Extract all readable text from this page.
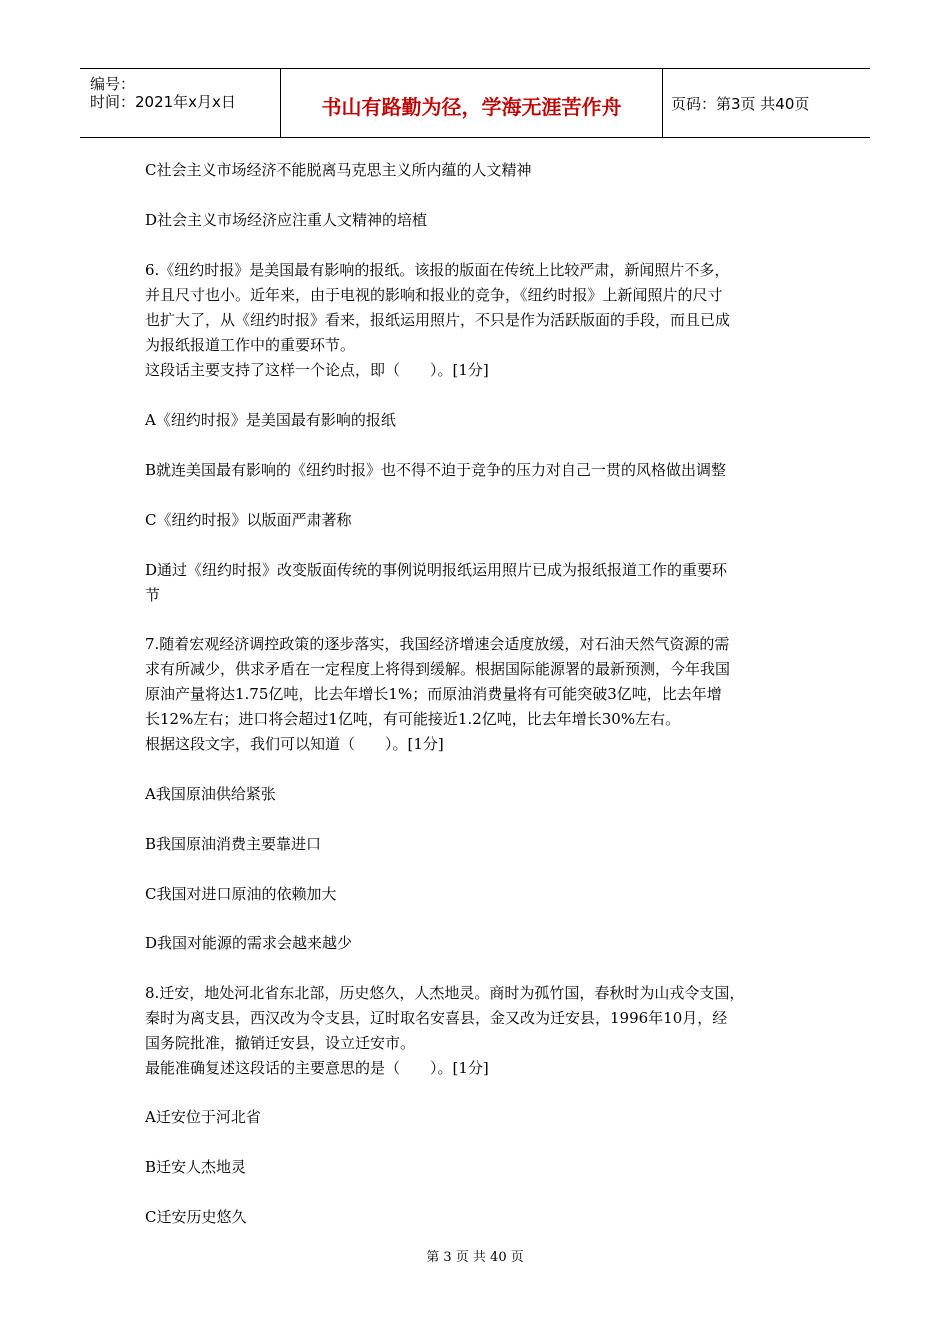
编号：
时间：2021年x月x日	书山有路勤为径，学海无涯苦作舟	页码：第3页 共40页
C社会主义市场经济不能脱离马克思主义所内蕴的人文精神
D社会主义市场经济应注重人文精神的培植
6.《纽约时报》是美国最有影响的报纸。该报的版面在传统上比较严肃，新闻照片不多，
并且尺寸也小。近年来，由于电视的影响和报业的竞争，《纽约时报》上新闻照片的尺寸
也扩大了，从《纽约时报》看来，报纸运用照片，不只是作为活跃版面的手段，而且已成
为报纸报道工作中的重要环节。
这段话主要支持了这样一个论点，即（　　）。[1分]
A《纽约时报》是美国最有影响的报纸
B就连美国最有影响的《纽约时报》也不得不迫于竞争的压力对自己一贯的风格做出调整
C《纽约时报》以版面严肃著称
D通过《纽约时报》改变版面传统的事例说明报纸运用照片已成为报纸报道工作的重要环
节
7.随着宏观经济调控政策的逐步落实，我国经济增速会适度放缓，对石油天然气资源的需
求有所减少，供求矛盾在一定程度上将得到缓解。根据国际能源署的最新预测，今年我国
原油产量将达1.75亿吨，比去年增长1%；而原油消费量将有可能突破3亿吨，比去年增
长12%左右；进口将会超过1亿吨，有可能接近1.2亿吨，比去年增长30%左右。
根据这段文字，我们可以知道（　　）。[1分]
A我国原油供给紧张
B我国原油消费主要靠进口
C我国对进口原油的依赖加大
D我国对能源的需求会越来越少
8.迁安，地处河北省东北部，历史悠久，人杰地灵。商时为孤竹国，春秋时为山戎令支国，
秦时为离支县，西汉改为令支县，辽时取名安喜县，金又改为迁安县，1996年10月，经
国务院批准，撤销迁安县，设立迁安市。
最能准确复述这段话的主要意思的是（　　）。[1分]
A迁安位于河北省
B迁安人杰地灵
C迁安历史悠久
第 3 页 共 40 页
